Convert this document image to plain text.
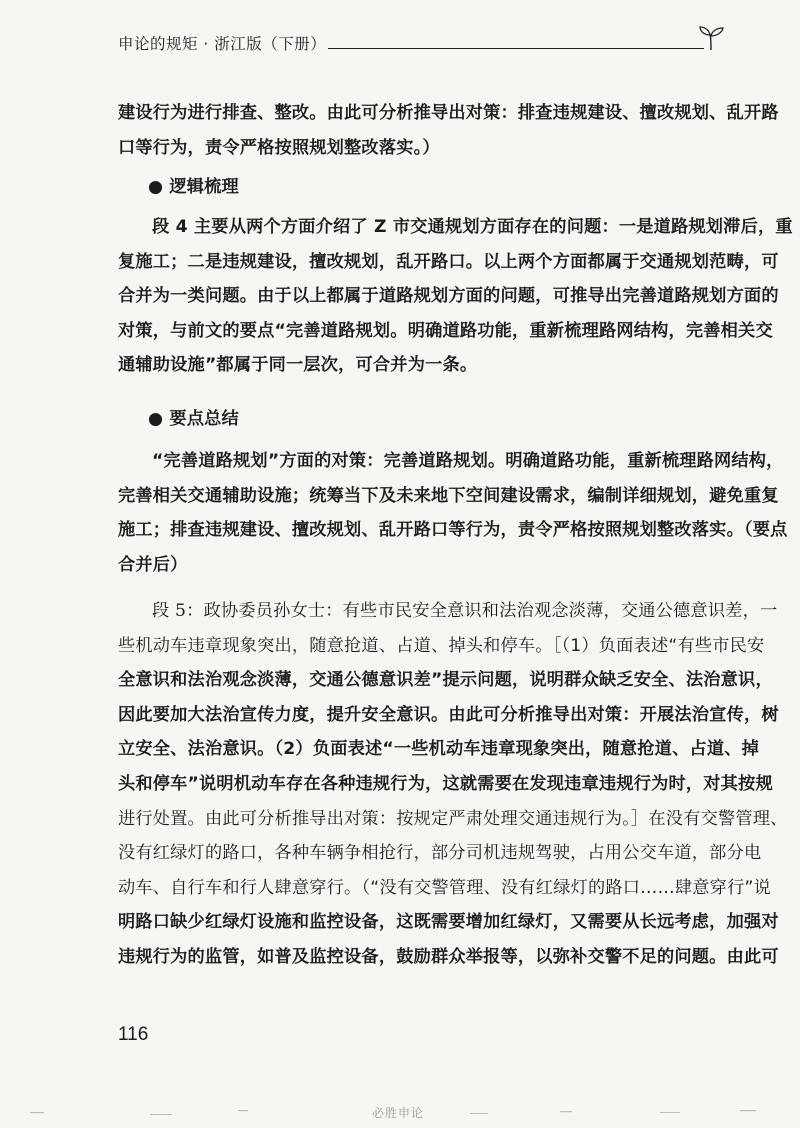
申论的规矩 · 浙江版（下册）
建设行为进行排查、整改。由此可分析推导出对策：排查违规建设、擅改规划、乱开路
口等行为，责令严格按照规划整改落实。）
● 逻辑梳理
段 4 主要从两个方面介绍了 Z 市交通规划方面存在的问题：一是道路规划滞后，重
复施工；二是违规建设，擅改规划，乱开路口。以上两个方面都属于交通规划范畴，可
合并为一类问题。由于以上都属于道路规划方面的问题，可推导出完善道路规划方面的
对策，与前文的要点“完善道路规划。明确道路功能，重新梳理路网结构，完善相关交
通辅助设施”都属于同一层次，可合并为一条。
● 要点总结
“完善道路规划”方面的对策：完善道路规划。明确道路功能，重新梳理路网结构，
完善相关交通辅助设施；统筹当下及未来地下空间建设需求，编制详细规划，避免重复
施工；排查违规建设、擅改规划、乱开路口等行为，责令严格按照规划整改落实。（要点
合并后）
段 5：政协委员孙女士：有些市民安全意识和法治观念淡薄，交通公德意识差，一
些机动车违章现象突出，随意抢道、占道、掉头和停车。［（1）负面表述“有些市民安
全意识和法治观念淡薄，交通公德意识差”提示问题，说明群众缺乏安全、法治意识，
因此要加大法治宣传力度，提升安全意识。由此可分析推导出对策：开展法治宣传，树
立安全、法治意识。（2）负面表述“一些机动车违章现象突出，随意抢道、占道、掉
头和停车”说明机动车存在各种违规行为，这就需要在发现违章违规行为时，对其按规
进行处置。由此可分析推导出对策：按规定严肃处理交通违规行为。］在没有交警管理、
没有红绿灯的路口，各种车辆争相抢行，部分司机违规驾驶，占用公交车道，部分电
动车、自行车和行人肆意穿行。（“没有交警管理、没有红绿灯的路口……肆意穿行”说
明路口缺少红绿灯设施和监控设备，这既需要增加红绿灯，又需要从长远考虑，加强对
违规行为的监管，如普及监控设备，鼓励群众举报等，以弥补交警不足的问题。由此可
116
必胜申论
